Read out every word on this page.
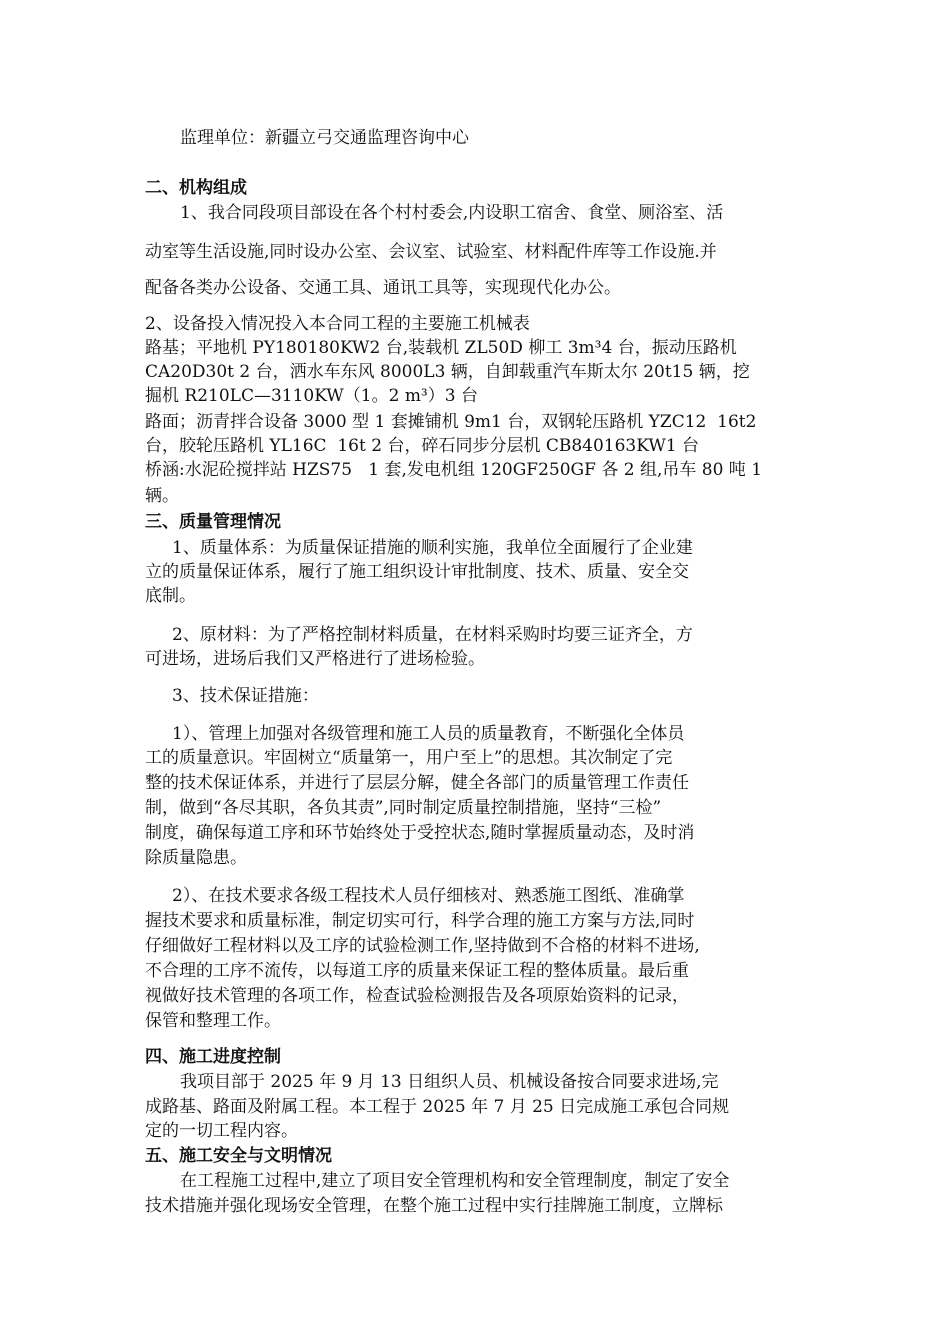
监理单位：新疆立弓交通监理咨询中心
二、机构组成
1、我合同段项目部设在各个村村委会,内设职工宿舍、食堂、厕浴室、活
动室等生活设施,同时设办公室、会议室、试验室、材料配件库等工作设施.并
配备各类办公设备、交通工具、通讯工具等，实现现代化办公。
2、设备投入情况投入本合同工程的主要施工机械表
路基；平地机 PY180180KW2 台,装载机 ZL50D 柳工 3m³4 台，振动压路机
CA20D30t 2 台，洒水车东风 8000L3 辆，自卸载重汽车斯太尔 20t15 辆，挖
掘机 R210LC—3110KW（1。2 m³）3 台
路面；沥青拌合设备 3000 型 1 套摊铺机 9m1 台，双钢轮压路机 YZC12  16t2
台，胶轮压路机 YL16C  16t 2 台，碎石同步分层机 CB840163KW1 台
桥涵:水泥砼搅拌站 HZS75   1 套,发电机组 120GF250GF 各 2 组,吊车 80 吨 1
辆。
三、质量管理情况
1、质量体系：为质量保证措施的顺利实施，我单位全面履行了企业建
立的质量保证体系，履行了施工组织设计审批制度、技术、质量、安全交
底制。
2、原材料：为了严格控制材料质量，在材料采购时均要三证齐全，方
可进场，进场后我们又严格进行了进场检验。
3、技术保证措施：
1）、管理上加强对各级管理和施工人员的质量教育，不断强化全体员
工的质量意识。牢固树立“质量第一，用户至上”的思想。其次制定了完
整的技术保证体系，并进行了层层分解，健全各部门的质量管理工作责任
制，做到“各尽其职，各负其责”,同时制定质量控制措施，坚持“三检”
制度，确保每道工序和环节始终处于受控状态,随时掌握质量动态，及时消
除质量隐患。
2）、在技术要求各级工程技术人员仔细核对、熟悉施工图纸、准确掌
握技术要求和质量标准，制定切实可行，科学合理的施工方案与方法,同时
仔细做好工程材料以及工序的试验检测工作,坚持做到不合格的材料不进场,
不合理的工序不流传，以每道工序的质量来保证工程的整体质量。最后重
视做好技术管理的各项工作，检查试验检测报告及各项原始资料的记录，
保管和整理工作。
四、施工进度控制
我项目部于 2025 年 9 月 13 日组织人员、机械设备按合同要求进场,完
成路基、路面及附属工程。本工程于 2025 年 7 月 25 日完成施工承包合同规
定的一切工程内容。
五、施工安全与文明情况
在工程施工过程中,建立了项目安全管理机构和安全管理制度，制定了安全
技术措施并强化现场安全管理，在整个施工过程中实行挂牌施工制度，立牌标
